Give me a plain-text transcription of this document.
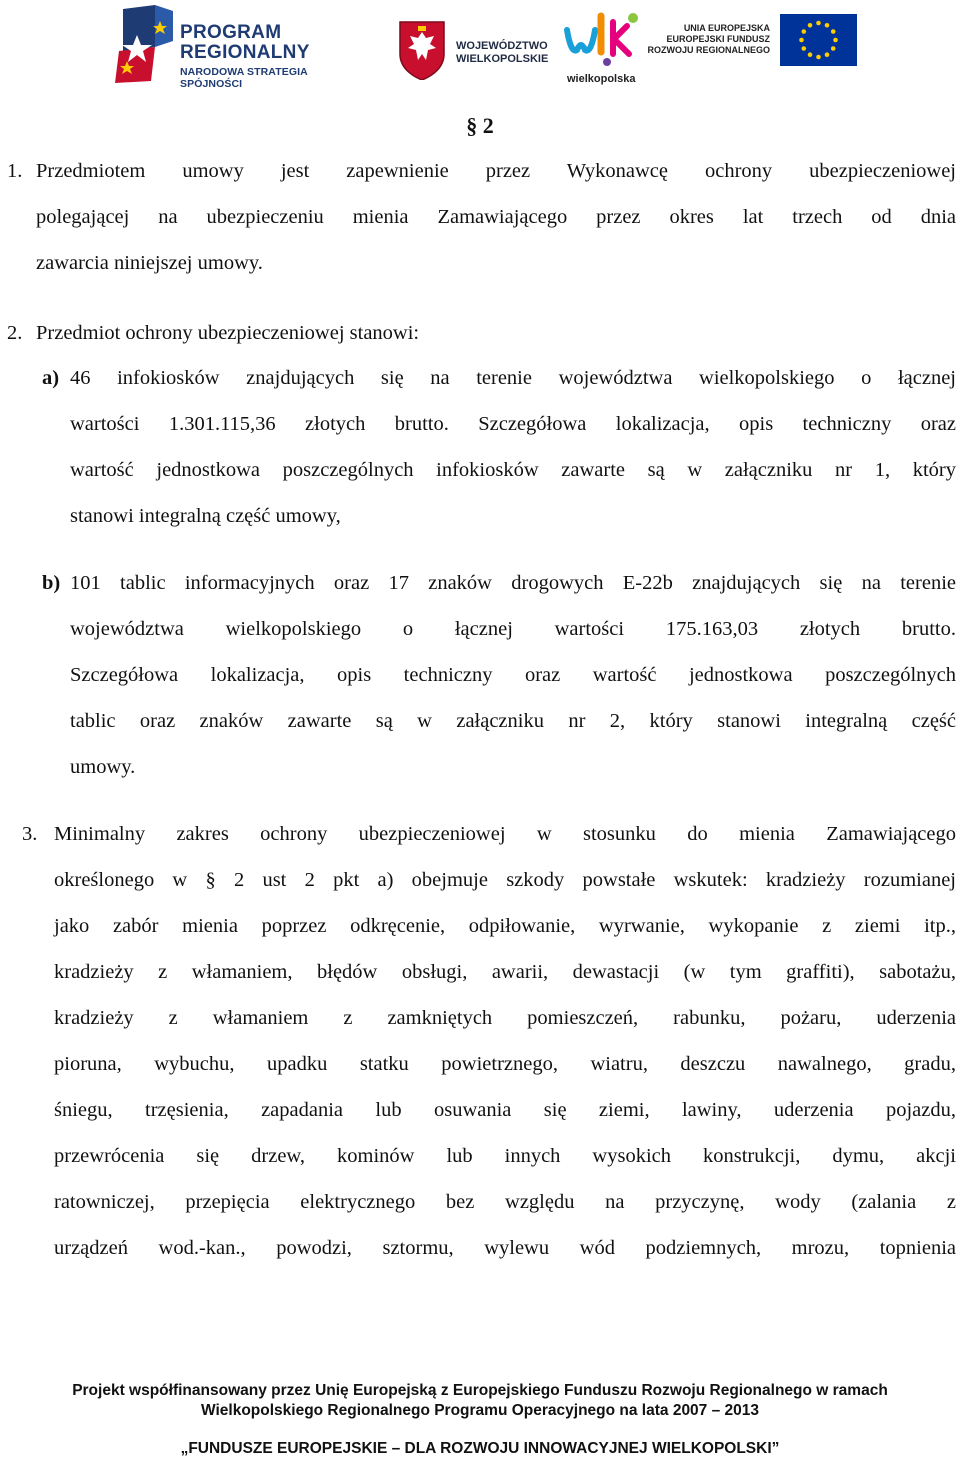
PROGRAM
REGIONALNY
NARODOWA STRATEGIA SPÓJNOŚCI
WOJEWÓDZTWO
WIELKOPOLSKIE
wielkopolska
UNIA EUROPEJSKA
EUROPEJSKI FUNDUSZ
ROZWOJU REGIONALNEGO
§ 2
1. Przedmiotem umowy jest zapewnienie przez Wykonawcę ochrony ubezpieczeniowej
polegającej na ubezpieczeniu mienia Zamawiającego przez okres lat trzech od dnia
zawarcia niniejszej umowy.
2. Przedmiot ochrony ubezpieczeniowej stanowi:
a) 46 infokiosków znajdujących się na terenie województwa wielkopolskiego o łącznej
wartości 1.301.115,36 złotych brutto. Szczegółowa lokalizacja, opis techniczny oraz
wartość jednostkowa poszczególnych infokiosków zawarte są w załączniku nr 1, który
stanowi integralną część umowy,
b) 101 tablic informacyjnych oraz 17 znaków drogowych E-22b znajdujących się na terenie
województwa wielkopolskiego o łącznej wartości 175.163,03 złotych brutto.
Szczegółowa lokalizacja, opis techniczny oraz wartość jednostkowa poszczególnych
tablic oraz znaków zawarte są w załączniku nr 2, który stanowi integralną część
umowy.
3. Minimalny zakres ochrony ubezpieczeniowej w stosunku do mienia Zamawiającego
określonego w § 2 ust 2 pkt a) obejmuje szkody powstałe wskutek: kradzieży rozumianej
jako zabór mienia poprzez odkręcenie, odpiłowanie, wyrwanie, wykopanie z ziemi itp.,
kradzieży z włamaniem, błędów obsługi, awarii, dewastacji (w tym graffiti), sabotażu,
kradzieży z włamaniem z zamkniętych pomieszczeń, rabunku, pożaru, uderzenia
pioruna, wybuchu, upadku statku powietrznego, wiatru, deszczu nawalnego, gradu,
śniegu, trzęsienia, zapadania lub osuwania się ziemi, lawiny, uderzenia pojazdu,
przewrócenia się drzew, kominów lub innych wysokich konstrukcji, dymu, akcji
ratowniczej, przepięcia elektrycznego bez względu na przyczynę, wody (zalania z
urządzeń wod.-kan., powodzi, sztormu, wylewu wód podziemnych, mrozu, topnienia
Projekt współfinansowany przez Unię Europejską z Europejskiego Funduszu Rozwoju Regionalnego w ramach
Wielkopolskiego Regionalnego Programu Operacyjnego na lata 2007 – 2013
„FUNDUSZE EUROPEJSKIE – DLA ROZWOJU INNOWACYJNEJ WIELKOPOLSKI”
